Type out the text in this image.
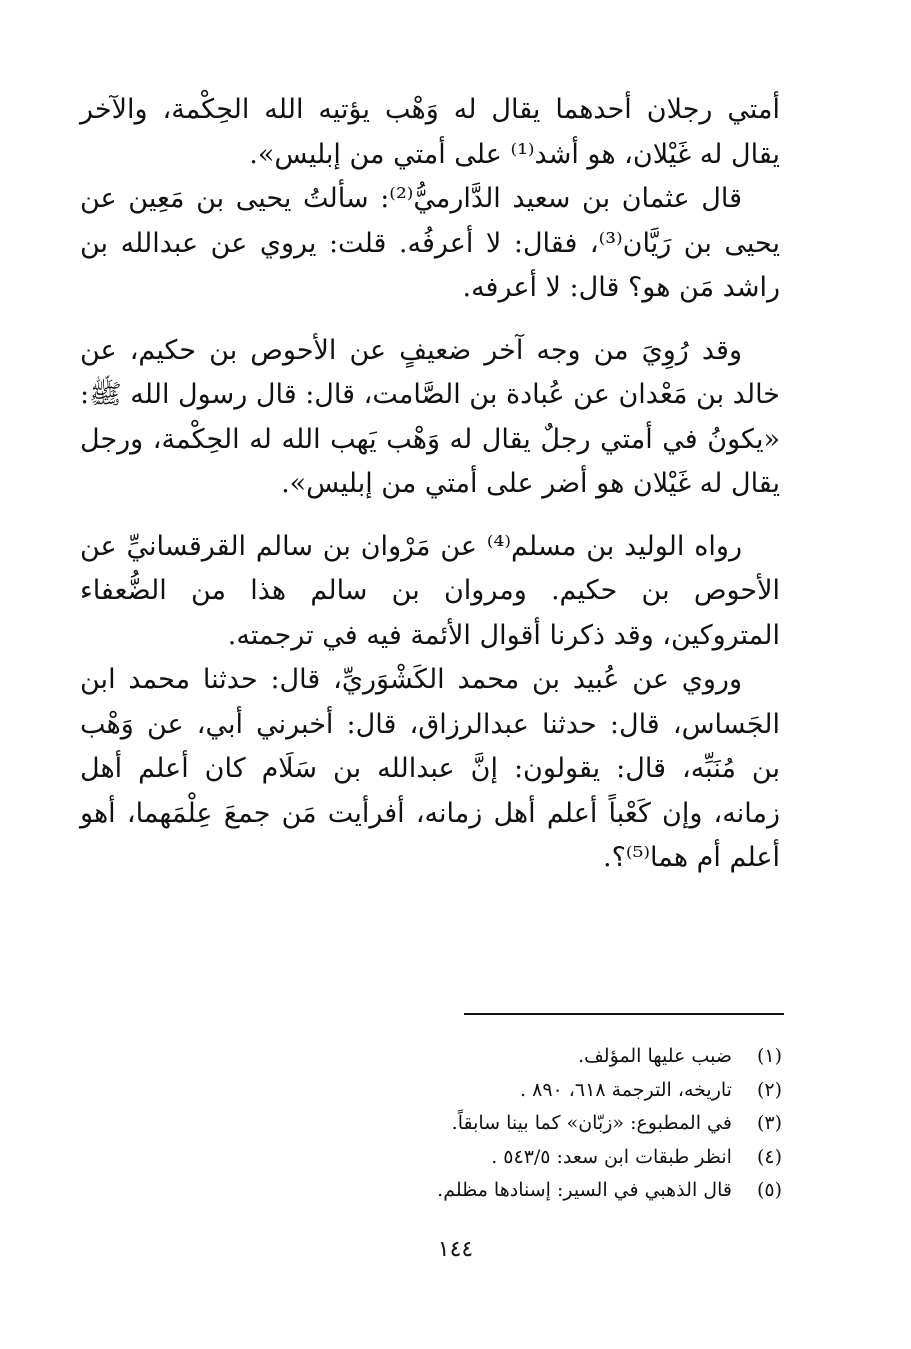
أمتي رجلان أحدهما يقال له وَهْب يؤتيه الله الحِكْمة، والآخر يقال له غَيْلان، هو أشد⁽¹⁾ على أمتي من إبليس».

قال عثمان بن سعيد الدَّارميُّ⁽²⁾: سألتُ يحيى بن مَعِين عن يحيى بن رَيَّان⁽³⁾، فقال: لا أعرفُه. قلت: يروي عن عبدالله بن راشد مَن هو؟ قال: لا أعرفه.

وقد رُوِيَ من وجه آخر ضعيفٍ عن الأحوص بن حكيم، عن خالد بن مَعْدان عن عُبادة بن الصَّامت، قال: قال رسول الله ﷺ: «يكونُ في أمتي رجلٌ يقال له وَهْب يَهب الله له الحِكْمة، ورجل يقال له غَيْلان هو أضر على أمتي من إبليس».

رواه الوليد بن مسلم⁽⁴⁾ عن مَرْوان بن سالم القرقسانيِّ عن الأحوص بن حكيم. ومروان بن سالم هذا من الضُّعفاء المتروكين، وقد ذكرنا أقوال الأئمة فيه في ترجمته.

وروي عن عُبيد بن محمد الكَشْوَريِّ، قال: حدثنا محمد ابن الجَساس، قال: حدثنا عبدالرزاق، قال: أخبرني أبي، عن وَهْب بن مُنَبِّه، قال: يقولون: إنَّ عبدالله بن سَلَام كان أعلم أهل زمانه، وإن كَعْباً أعلم أهل زمانه، أفرأيت مَن جمعَ عِلْمَهما، أهو أعلم أم هما⁽⁵⁾؟.

(١) ضبب عليها المؤلف.

(٢) تاريخه، الترجمة ٦١٨، ٨٩٠ .

(٣) في المطبوع: «زبّان» كما بينا سابقاً.

(٤) انظر طبقات ابن سعد: ٥٤٣/٥ .

(٥) قال الذهبي في السير: إسنادها مظلم.

١٤٤
